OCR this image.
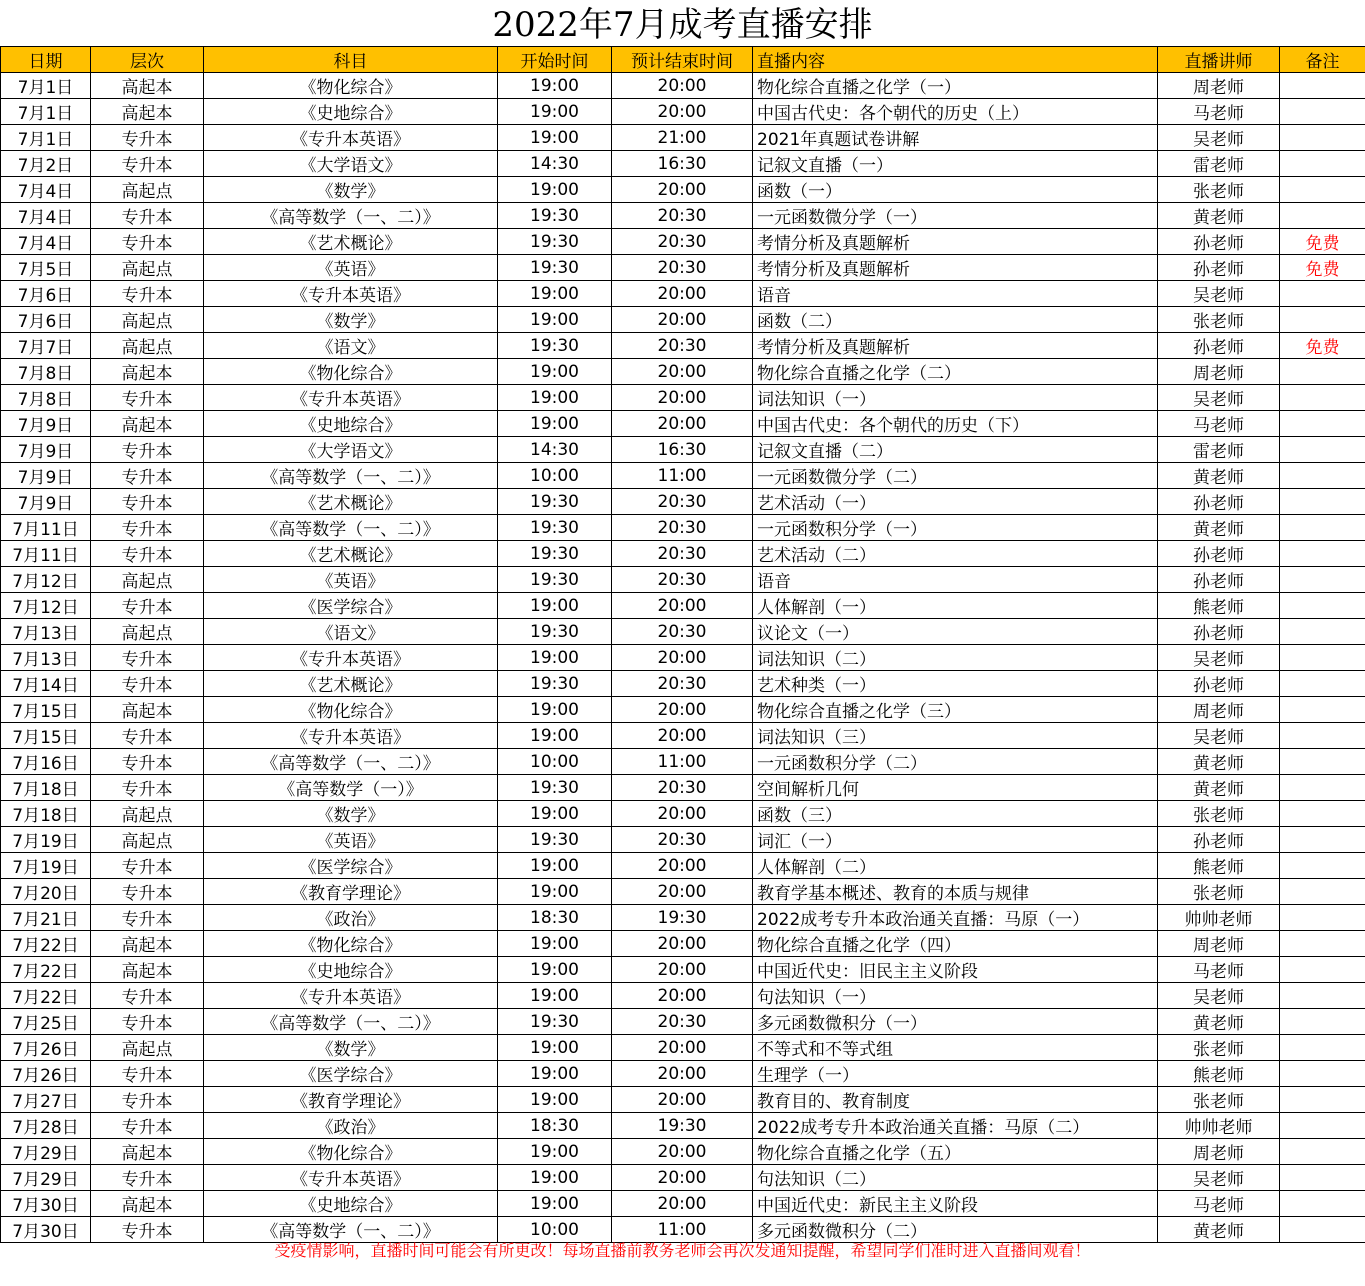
2022年7月成考直播安排
日期	层次	科目	开始时间	预计结束时间	直播内容	直播讲师	备注
7月1日	高起本	《物化综合》	19:00	20:00	物化综合直播之化学（一）	周老师	
7月1日	高起本	《史地综合》	19:00	20:00	中国古代史：各个朝代的历史（上）	马老师	
7月1日	专升本	《专升本英语》	19:00	21:00	2021年真题试卷讲解	吴老师	
7月2日	专升本	《大学语文》	14:30	16:30	记叙文直播（一）	雷老师	
7月4日	高起点	《数学》	19:00	20:00	函数（一）	张老师	
7月4日	专升本	《高等数学（一、二）》	19:30	20:30	一元函数微分学（一）	黄老师	
7月4日	专升本	《艺术概论》	19:30	20:30	考情分析及真题解析	孙老师	免费
7月5日	高起点	《英语》	19:30	20:30	考情分析及真题解析	孙老师	免费
7月6日	专升本	《专升本英语》	19:00	20:00	语音	吴老师	
7月6日	高起点	《数学》	19:00	20:00	函数（二）	张老师	
7月7日	高起点	《语文》	19:30	20:30	考情分析及真题解析	孙老师	免费
7月8日	高起本	《物化综合》	19:00	20:00	物化综合直播之化学（二）	周老师	
7月8日	专升本	《专升本英语》	19:00	20:00	词法知识（一）	吴老师	
7月9日	高起本	《史地综合》	19:00	20:00	中国古代史：各个朝代的历史（下）	马老师	
7月9日	专升本	《大学语文》	14:30	16:30	记叙文直播（二）	雷老师	
7月9日	专升本	《高等数学（一、二）》	10:00	11:00	一元函数微分学（二）	黄老师	
7月9日	专升本	《艺术概论》	19:30	20:30	艺术活动（一）	孙老师	
7月11日	专升本	《高等数学（一、二）》	19:30	20:30	一元函数积分学（一）	黄老师	
7月11日	专升本	《艺术概论》	19:30	20:30	艺术活动（二）	孙老师	
7月12日	高起点	《英语》	19:30	20:30	语音	孙老师	
7月12日	专升本	《医学综合》	19:00	20:00	人体解剖（一）	熊老师	
7月13日	高起点	《语文》	19:30	20:30	议论文（一）	孙老师	
7月13日	专升本	《专升本英语》	19:00	20:00	词法知识（二）	吴老师	
7月14日	专升本	《艺术概论》	19:30	20:30	艺术种类（一）	孙老师	
7月15日	高起本	《物化综合》	19:00	20:00	物化综合直播之化学（三）	周老师	
7月15日	专升本	《专升本英语》	19:00	20:00	词法知识（三）	吴老师	
7月16日	专升本	《高等数学（一、二）》	10:00	11:00	一元函数积分学（二）	黄老师	
7月18日	专升本	《高等数学（一）》	19:30	20:30	空间解析几何	黄老师	
7月18日	高起点	《数学》	19:00	20:00	函数（三）	张老师	
7月19日	高起点	《英语》	19:30	20:30	词汇（一）	孙老师	
7月19日	专升本	《医学综合》	19:00	20:00	人体解剖（二）	熊老师	
7月20日	专升本	《教育学理论》	19:00	20:00	教育学基本概述、教育的本质与规律	张老师	
7月21日	专升本	《政治》	18:30	19:30	2022成考专升本政治通关直播：马原（一）	帅帅老师	
7月22日	高起本	《物化综合》	19:00	20:00	物化综合直播之化学（四）	周老师	
7月22日	高起本	《史地综合》	19:00	20:00	中国近代史：旧民主主义阶段	马老师	
7月22日	专升本	《专升本英语》	19:00	20:00	句法知识（一）	吴老师	
7月25日	专升本	《高等数学（一、二）》	19:30	20:30	多元函数微积分（一）	黄老师	
7月26日	高起点	《数学》	19:00	20:00	不等式和不等式组	张老师	
7月26日	专升本	《医学综合》	19:00	20:00	生理学（一）	熊老师	
7月27日	专升本	《教育学理论》	19:00	20:00	教育目的、教育制度	张老师	
7月28日	专升本	《政治》	18:30	19:30	2022成考专升本政治通关直播：马原（二）	帅帅老师	
7月29日	高起本	《物化综合》	19:00	20:00	物化综合直播之化学（五）	周老师	
7月29日	专升本	《专升本英语》	19:00	20:00	句法知识（二）	吴老师	
7月30日	高起本	《史地综合》	19:00	20:00	中国近代史：新民主主义阶段	马老师	
7月30日	专升本	《高等数学（一、二）》	10:00	11:00	多元函数微积分（二）	黄老师	
受疫情影响，直播时间可能会有所更改！每场直播前教务老师会再次发通知提醒，希望同学们准时进入直播间观看！
